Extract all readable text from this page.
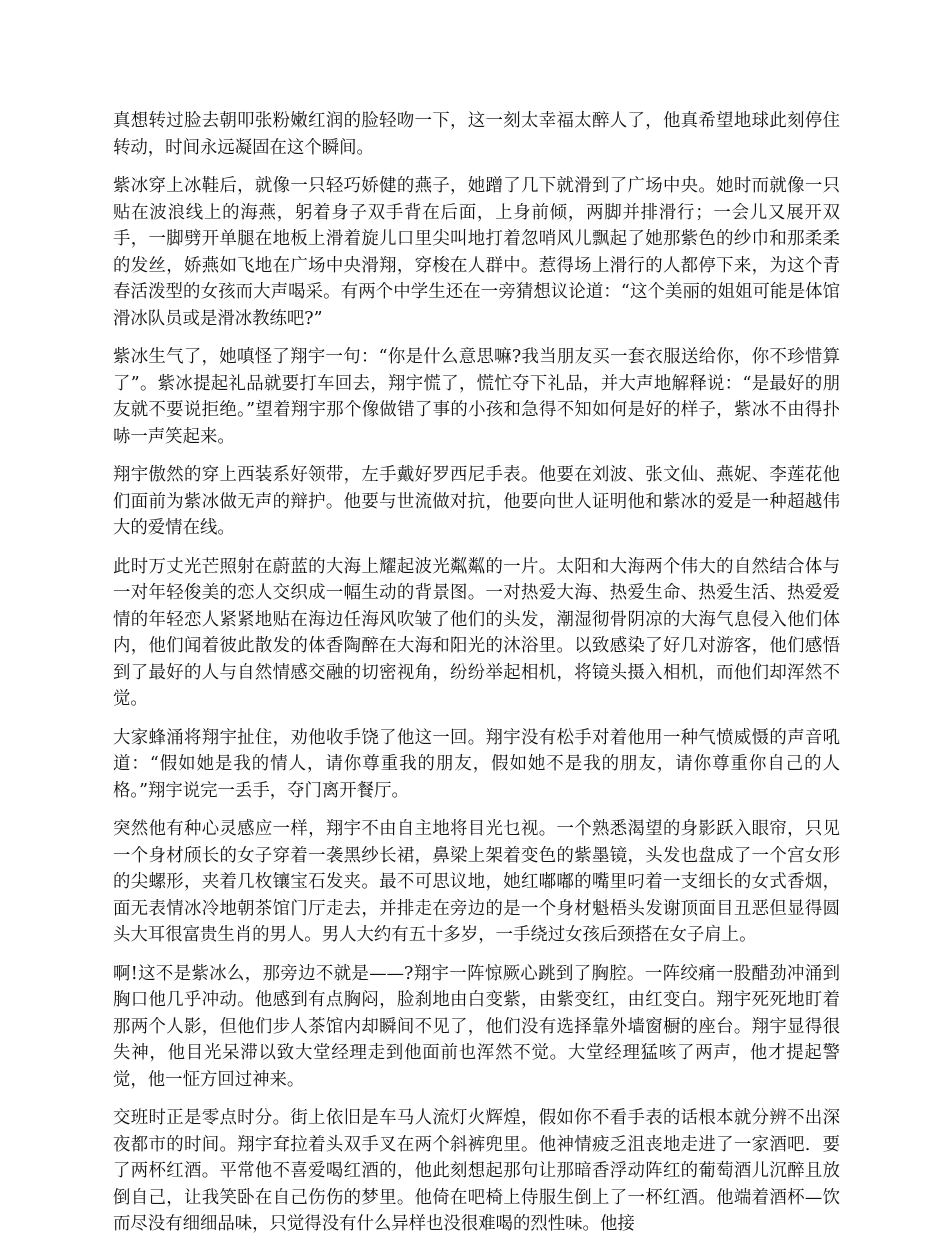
真想转过脸去朝叩张粉嫩红润的脸轻吻一下，这一刻太幸福太醉人了，他真希望地球此刻停住转动，时间永远凝固在这个瞬间。

紫冰穿上冰鞋后，就像一只轻巧娇健的燕子，她蹭了几下就滑到了广场中央。她时而就像一只贴在波浪线上的海燕，躬着身子双手背在后面，上身前倾，两脚并排滑行；一会儿又展开双手，一脚劈开单腿在地板上滑着旋儿口里尖叫地打着忽哨风儿飘起了她那紫色的纱巾和那柔柔的发丝，娇燕如飞地在广场中央滑翔，穿梭在人群中。惹得场上滑行的人都停下来，为这个青春活泼型的女孩而大声喝采。有两个中学生还在一旁猜想议论道：“这个美丽的姐姐可能是体馆滑冰队员或是滑冰教练吧?”

紫冰生气了，她嗔怪了翔宇一句：“你是什么意思嘛?我当朋友买一套衣服送给你，你不珍惜算了”。紫冰提起礼品就要打车回去，翔宇慌了，慌忙夺下礼品，并大声地解释说：“是最好的朋友就不要说拒绝。”望着翔宇那个像做错了事的小孩和急得不知如何是好的样子，紫冰不由得扑哧一声笑起来。

翔宇傲然的穿上西装系好领带，左手戴好罗西尼手表。他要在刘波、张文仙、燕妮、李莲花他们面前为紫冰做无声的辩护。他要与世流做对抗，他要向世人证明他和紫冰的爱是一种超越伟大的爱情在线。

此时万丈光芒照射在蔚蓝的大海上耀起波光粼粼的一片。太阳和大海两个伟大的自然结合体与一对年轻俊美的恋人交织成一幅生动的背景图。一对热爱大海、热爱生命、热爱生活、热爱爱情的年轻恋人紧紧地贴在海边任海风吹皱了他们的头发，潮湿彻骨阴凉的大海气息侵入他们体内，他们闻着彼此散发的体香陶醉在大海和阳光的沐浴里。以致感染了好几对游客，他们感悟到了最好的人与自然情感交融的切密视角，纷纷举起相机，将镜头摄入相机，而他们却浑然不觉。

大家蜂涌将翔宇扯住，劝他收手饶了他这一回。翔宇没有松手对着他用一种气愤威慑的声音吼道：“假如她是我的情人，请你尊重我的朋友，假如她不是我的朋友，请你尊重你自己的人格。”翔宇说完一丢手，夺门离开餐厅。

突然他有种心灵感应一样，翔宇不由自主地将目光乜视。一个熟悉渴望的身影跃入眼帘，只见一个身材颀长的女子穿着一袭黑纱长裙，鼻梁上架着变色的紫墨镜，头发也盘成了一个宫女形的尖螺形，夹着几枚镶宝石发夹。最不可思议地，她红嘟嘟的嘴里叼着一支细长的女式香烟，面无表情冰冷地朝茶馆门厅走去，并排走在旁边的是一个身材魁梧头发谢顶面目丑恶但显得圆头大耳很富贵生肖的男人。男人大约有五十多岁，一手绕过女孩后颈搭在女子肩上。

啊!这不是紫冰么，那旁边不就是——?翔宇一阵惊厥心跳到了胸腔。一阵绞痛一股醋劲冲涌到胸口他几乎冲动。他感到有点胸闷，脸刹地由白变紫，由紫变红，由红变白。翔宇死死地盯着那两个人影，但他们步人茶馆内却瞬间不见了，他们没有选择靠外墙窗橱的座台。翔宇显得很失神，他目光呆滞以致大堂经理走到他面前也浑然不觉。大堂经理猛咳了两声，他才提起警觉，他一怔方回过神来。

交班时正是零点时分。街上依旧是车马人流灯火辉煌，假如你不看手表的话根本就分辨不出深夜都市的时间。翔宇耷拉着头双手叉在两个斜裤兜里。他神情疲乏沮丧地走进了一家酒吧．要了两杯红酒。平常他不喜爱喝红酒的，他此刻想起那句让那暗香浮动阵红的葡萄酒儿沉醉且放倒自己，让我笑卧在自己伤伤的梦里。他倚在吧椅上侍服生倒上了一杯红酒。他端着酒杯—饮而尽没有细细品味，只觉得没有什么异样也没很难喝的烈性味。他接
